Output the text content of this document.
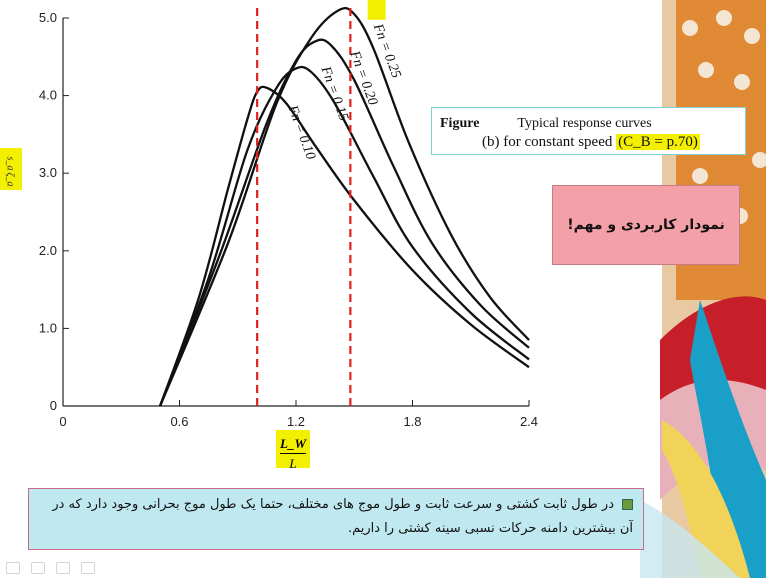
0	0.6	1.2	1.8	2.4
0
1.0
2.0
3.0
4.0
5.0
Fn = 0.25
Fn = 0.20
Fn = 0.15
Fn = 0.10
s_a
ζ_a
$\frac{L\_W}{L}$
Figure	Typical response curves
(b) for constant speed (C_B = p.70)
نمودار کاربردی و مهم!
در طول ثابت کشتی و سرعت ثابت و طول موج های مختلف، حتما یک طول موج بحرانی وجود دارد که در آن بیشترین دامنه حرکات نسبی سینه کشتی را داریم.
